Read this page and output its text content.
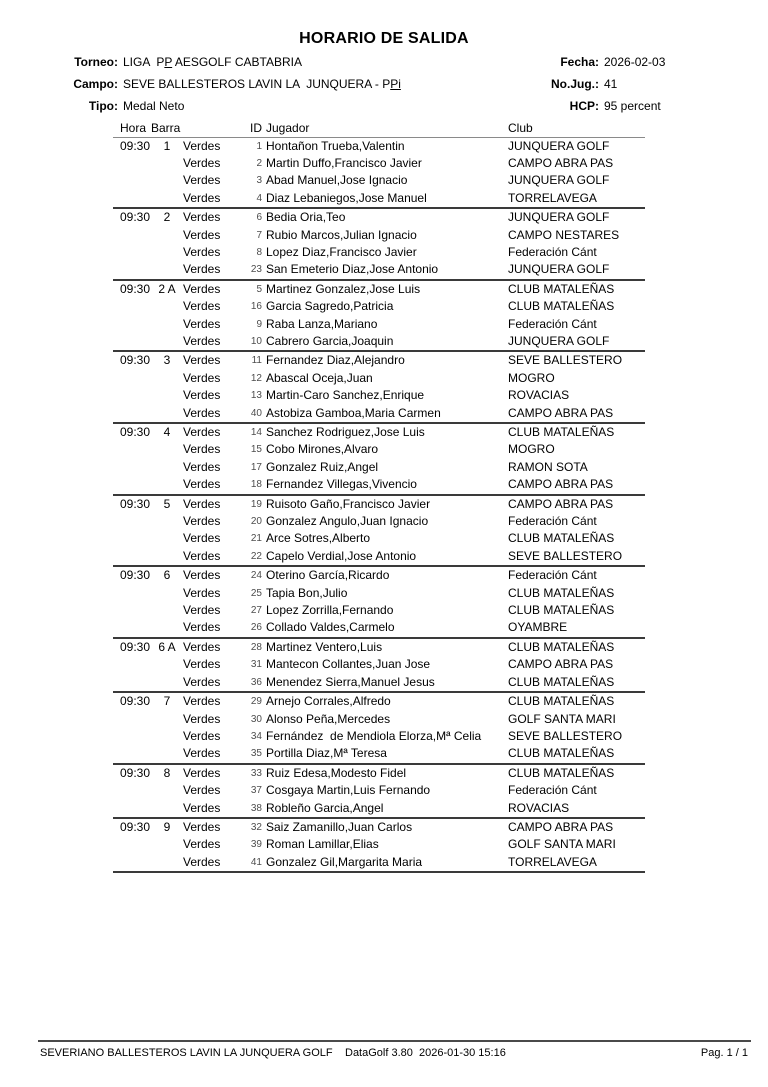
HORARIO DE SALIDA
Torneo: LIGA  PP AESGOLF CABTABRIA	Fecha: 2026-02-03
Campo: SEVE BALLESTEROS LAVIN LA  JUNQUERA - PPi	No.Jug.: 41
Tipo: Medal Neto	HCP: 95 percent
Hora	Barra		ID	Jugador	Club
09:30	1	Verdes	1	Hontañon Trueba,Valentin	JUNQUERA GOLF
		Verdes	2	Martin Duffo,Francisco Javier	CAMPO ABRA PAS
		Verdes	3	Abad Manuel,Jose Ignacio	JUNQUERA GOLF
		Verdes	4	Diaz Lebaniegos,Jose Manuel	TORRELAVEGA
09:30	2	Verdes	6	Bedia Oria,Teo	JUNQUERA GOLF
		Verdes	7	Rubio Marcos,Julian Ignacio	CAMPO NESTARES
		Verdes	8	Lopez Diaz,Francisco Javier	Federación Cánt
		Verdes	23	San Emeterio Diaz,Jose Antonio	JUNQUERA GOLF
09:30	2 A	Verdes	5	Martinez Gonzalez,Jose Luis	CLUB MATALEÑAS
		Verdes	16	Garcia Sagredo,Patricia	CLUB MATALEÑAS
		Verdes	9	Raba Lanza,Mariano	Federación Cánt
		Verdes	10	Cabrero Garcia,Joaquin	JUNQUERA GOLF
09:30	3	Verdes	11	Fernandez Diaz,Alejandro	SEVE BALLESTERO
		Verdes	12	Abascal Oceja,Juan	MOGRO
		Verdes	13	Martin-Caro Sanchez,Enrique	ROVACIAS
		Verdes	40	Astobiza Gamboa,Maria Carmen	CAMPO ABRA PAS
09:30	4	Verdes	14	Sanchez Rodriguez,Jose Luis	CLUB MATALEÑAS
		Verdes	15	Cobo Mirones,Alvaro	MOGRO
		Verdes	17	Gonzalez Ruiz,Angel	RAMON SOTA
		Verdes	18	Fernandez Villegas,Vivencio	CAMPO ABRA PAS
09:30	5	Verdes	19	Ruisoto Gaño,Francisco Javier	CAMPO ABRA PAS
		Verdes	20	Gonzalez Angulo,Juan Ignacio	Federación Cánt
		Verdes	21	Arce Sotres,Alberto	CLUB MATALEÑAS
		Verdes	22	Capelo Verdial,Jose Antonio	SEVE BALLESTERO
09:30	6	Verdes	24	Oterino García,Ricardo	Federación Cánt
		Verdes	25	Tapia Bon,Julio	CLUB MATALEÑAS
		Verdes	27	Lopez Zorrilla,Fernando	CLUB MATALEÑAS
		Verdes	26	Collado Valdes,Carmelo	OYAMBRE
09:30	6 A	Verdes	28	Martinez Ventero,Luis	CLUB MATALEÑAS
		Verdes	31	Mantecon Collantes,Juan Jose	CAMPO ABRA PAS
		Verdes	36	Menendez Sierra,Manuel Jesus	CLUB MATALEÑAS
09:30	7	Verdes	29	Arnejo Corrales,Alfredo	CLUB MATALEÑAS
		Verdes	30	Alonso Peña,Mercedes	GOLF SANTA MARI
		Verdes	34	Fernández  de Mendiola Elorza,Mª Celia	SEVE BALLESTERO
		Verdes	35	Portilla Diaz,Mª Teresa	CLUB MATALEÑAS
09:30	8	Verdes	33	Ruiz Edesa,Modesto Fidel	CLUB MATALEÑAS
		Verdes	37	Cosgaya Martin,Luis Fernando	Federación Cánt
		Verdes	38	Robleño Garcia,Angel	ROVACIAS
09:30	9	Verdes	32	Saiz Zamanillo,Juan Carlos	CAMPO ABRA PAS
		Verdes	39	Roman Lamillar,Elias	GOLF SANTA MARI
		Verdes	41	Gonzalez Gil,Margarita Maria	TORRELAVEGA
SEVERIANO BALLESTEROS LAVIN LA JUNQUERA GOLF DataGolf 3.80  2026-01-30 15:16	Pag. 1 / 1
